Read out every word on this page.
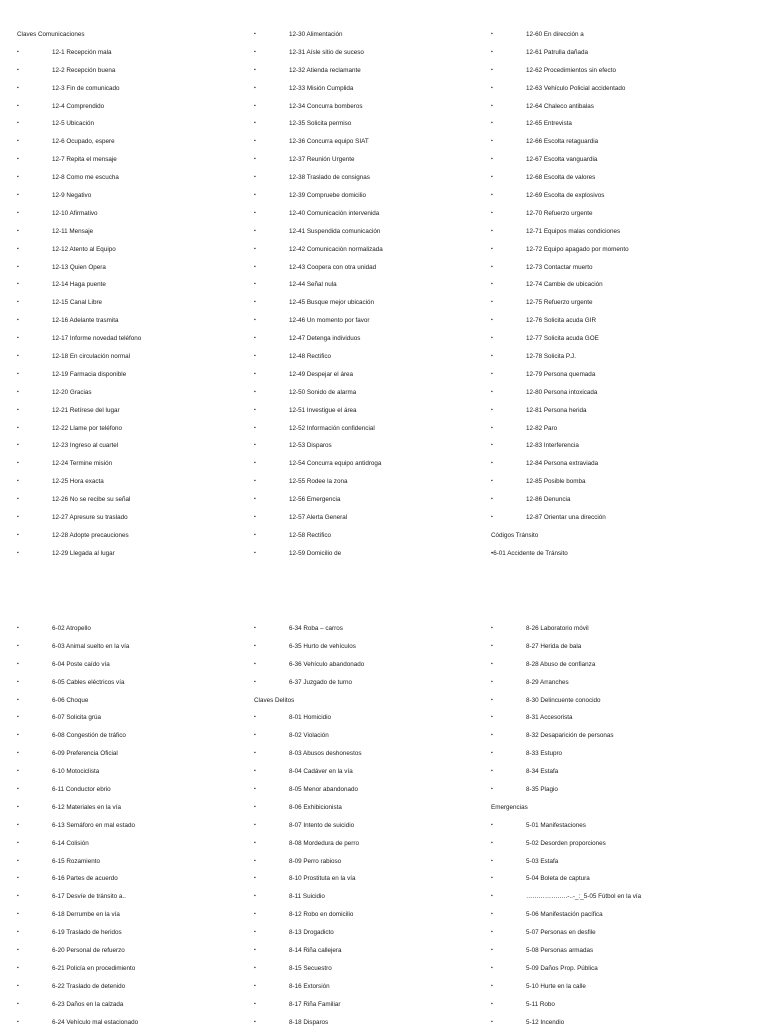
Claves Comunicaciones
▪	12-1 Recepción mala
▪	12-2 Recepción buena
▪	12-3 Fin de comunicado
▪	12-4 Comprendido
▪	12-5 Ubicación
▪	12-6 Ocupado, espere
▪	12-7 Repita el mensaje
▪	12-8 Como me escucha
▪	12-9 Negativo
▪	12-10 Afirmativo
▪	12-11 Mensaje
▪	12-12 Atento al Equipo
▪	12-13 Quien Opera
▪	12-14 Haga puente
▪	12-15 Canal Libre
▪	12-16 Adelante trasmita
▪	12-17 Informe novedad teléfono
▪	12-18 En circulación normal
▪	12-19 Farmacia disponible
▪	12-20 Gracias
▪	12-21 Retírese del lugar
▪	12-22 Llame por teléfono
▪	12-23 Ingreso al cuartel
▪	12-24 Termine misión
▪	12-25 Hora exacta
▪	12-26 No se recibe su señal
▪	12-27 Apresure su traslado
▪	12-28 Adopte precauciones
▪	12-29 Llegada al lugar
▪	12-30 Alimentación
▪	12-31 Aísle sitio de suceso
▪	12-32 Atienda reclamante
▪	12-33 Misión Cumplida
▪	12-34 Concurra bomberos
▪	12-35 Solicita permiso
▪	12-36 Concurra equipo SIAT
▪	12-37 Reunión Urgente
▪	12-38 Traslado de consignas
▪	12-39 Compruebe domicilio
▪	12-40 Comunicación intervenida
▪	12-41 Suspendida comunicación
▪	12-42 Comunicación normalizada
▪	12-43 Coopera con otra unidad
▪	12-44 Señal nula
▪	12-45 Busque mejor ubicación
▪	12-46 Un momento por favor
▪	12-47 Detenga individuos
▪	12-48 Rectifico
▪	12-49 Despejar el área
▪	12-50 Sonido de alarma
▪	12-51 Investigue el área
▪	12-52 Información confidencial
▪	12-53 Disparos
▪	12-54 Concurra equipo antidroga
▪	12-55 Rodee la zona
▪	12-56 Emergencia
▪	12-57 Alerta General
▪	12-58 Rectifico
▪	12-59 Domicilio de
▪	12-60 En dirección a
▪	12-61 Patrulla dañada
▪	12-62 Procedimientos sin efecto
▪	12-63 Vehículo Policial accidentado
▪	12-64 Chaleco antibalas
▪	12-65 Entrevista
▪	12-66 Escolta retaguardia
▪	12-67 Escolta vanguardia
▪	12-68 Escolta de valores
▪	12-69 Escolta de explosivos
▪	12-70 Refuerzo urgente
▪	12-71 Equipos malas condiciones
▪	12-72 Equipo apagado por momento
▪	12-73 Contactar muerto
▪	12-74 Cambie de ubicación
▪	12-75 Refuerzo urgente
▪	12-76 Solicita acuda GIR
▪	12-77 Solicita acuda GOE
▪	12-78 Solicita P.J.
▪	12-79 Persona quemada
▪	12-80 Persona intoxicada
▪	12-81 Persona herida
▪	12-82 Paro
▪	12-83 Interferencia
▪	12-84 Persona extraviada
▪	12-85 Posible bomba
▪	12-86 Denuncia
▪	12-87 Orientar una dirección
Códigos Tránsito
•6-01 Accidente de Tránsito
▪	6-02 Atropello
▪	6-03 Animal suelto en la vía
▪	6-04 Poste caído vía
▪	6-05 Cables eléctricos vía
▪	6-06 Choque
▪	6-07 Solicita grúa
▪	6-08 Congestión de tráfico
▪	6-09 Preferencia Oficial
▪	6-10 Motociclista
▪	6-11 Conductor ebrio
▪	6-12 Materiales en la vía
▪	6-13 Semáforo en mal estado
▪	6-14 Colisión
▪	6-15 Rozamiento
▪	6-16 Partes de acuerdo
▪	6-17 Desvíe de tránsito a..
▪	6-18 Derrumbe en la vía
▪	6-19 Traslado de heridos
▪	6-20 Personal de refuerzo
▪	6-21 Policía en procedimiento
▪	6-22 Traslado de detenido
▪	6-23 Daños en la calzada
▪	6-24 Vehículo mal estacionado
▪	6-34 Roba – carros
▪	6-35 Hurto de vehículos
▪	6-36 Vehículo abandonado
▪	6-37 Juzgado de turno
Claves Delitos
▪	8-01 Homicidio
▪	8-02 Violación
▪	8-03 Abusos deshonestos
▪	8-04 Cadáver en la vía
▪	8-05 Menor abandonado
▪	8-06 Exhibicionista
▪	8-07 Intento de suicidio
▪	8-08 Mordedura de perro
▪	8-09 Perro rabioso
▪	8-10 Prostituta en la vía
▪	8-11 Suicidio
▪	8-12 Robo en domicilio
▪	8-13 Drogadicto
▪	8-14 Riña callejera
▪	8-15 Secuestro
▪	8-16 Extorsión
▪	8-17 Riña Familiar
▪	8-18 Disparos
▪	8-26 Laboratorio móvil
▪	8-27 Herida de bala
▪	8-28 Abuso de confianza
▪	8-29 Arranches
▪	8-30 Delincuente conocido
▪	8-31 Accesorista
▪	8-32 Desaparición de personas
▪	8-33 Estupro
▪	8-34 Estafa
▪	8-35 Plagio
Emergencias
▪	5-01 Manifestaciones
▪	5-02 Desorden proporciones
▪	5-03 Estafa
▪	5-04 Boleta de captura
▪	………………..-..-_:_5-05 Fútbol en la vía
▪	5-06 Manifestación pacífica
▪	5-07 Personas en desfile
▪	5-08 Personas armadas
▪	5-09 Daños Prop. Pública
▪	5-10 Hurte en la calle
▪	5-11 Robo
▪	5-12 Incendio
